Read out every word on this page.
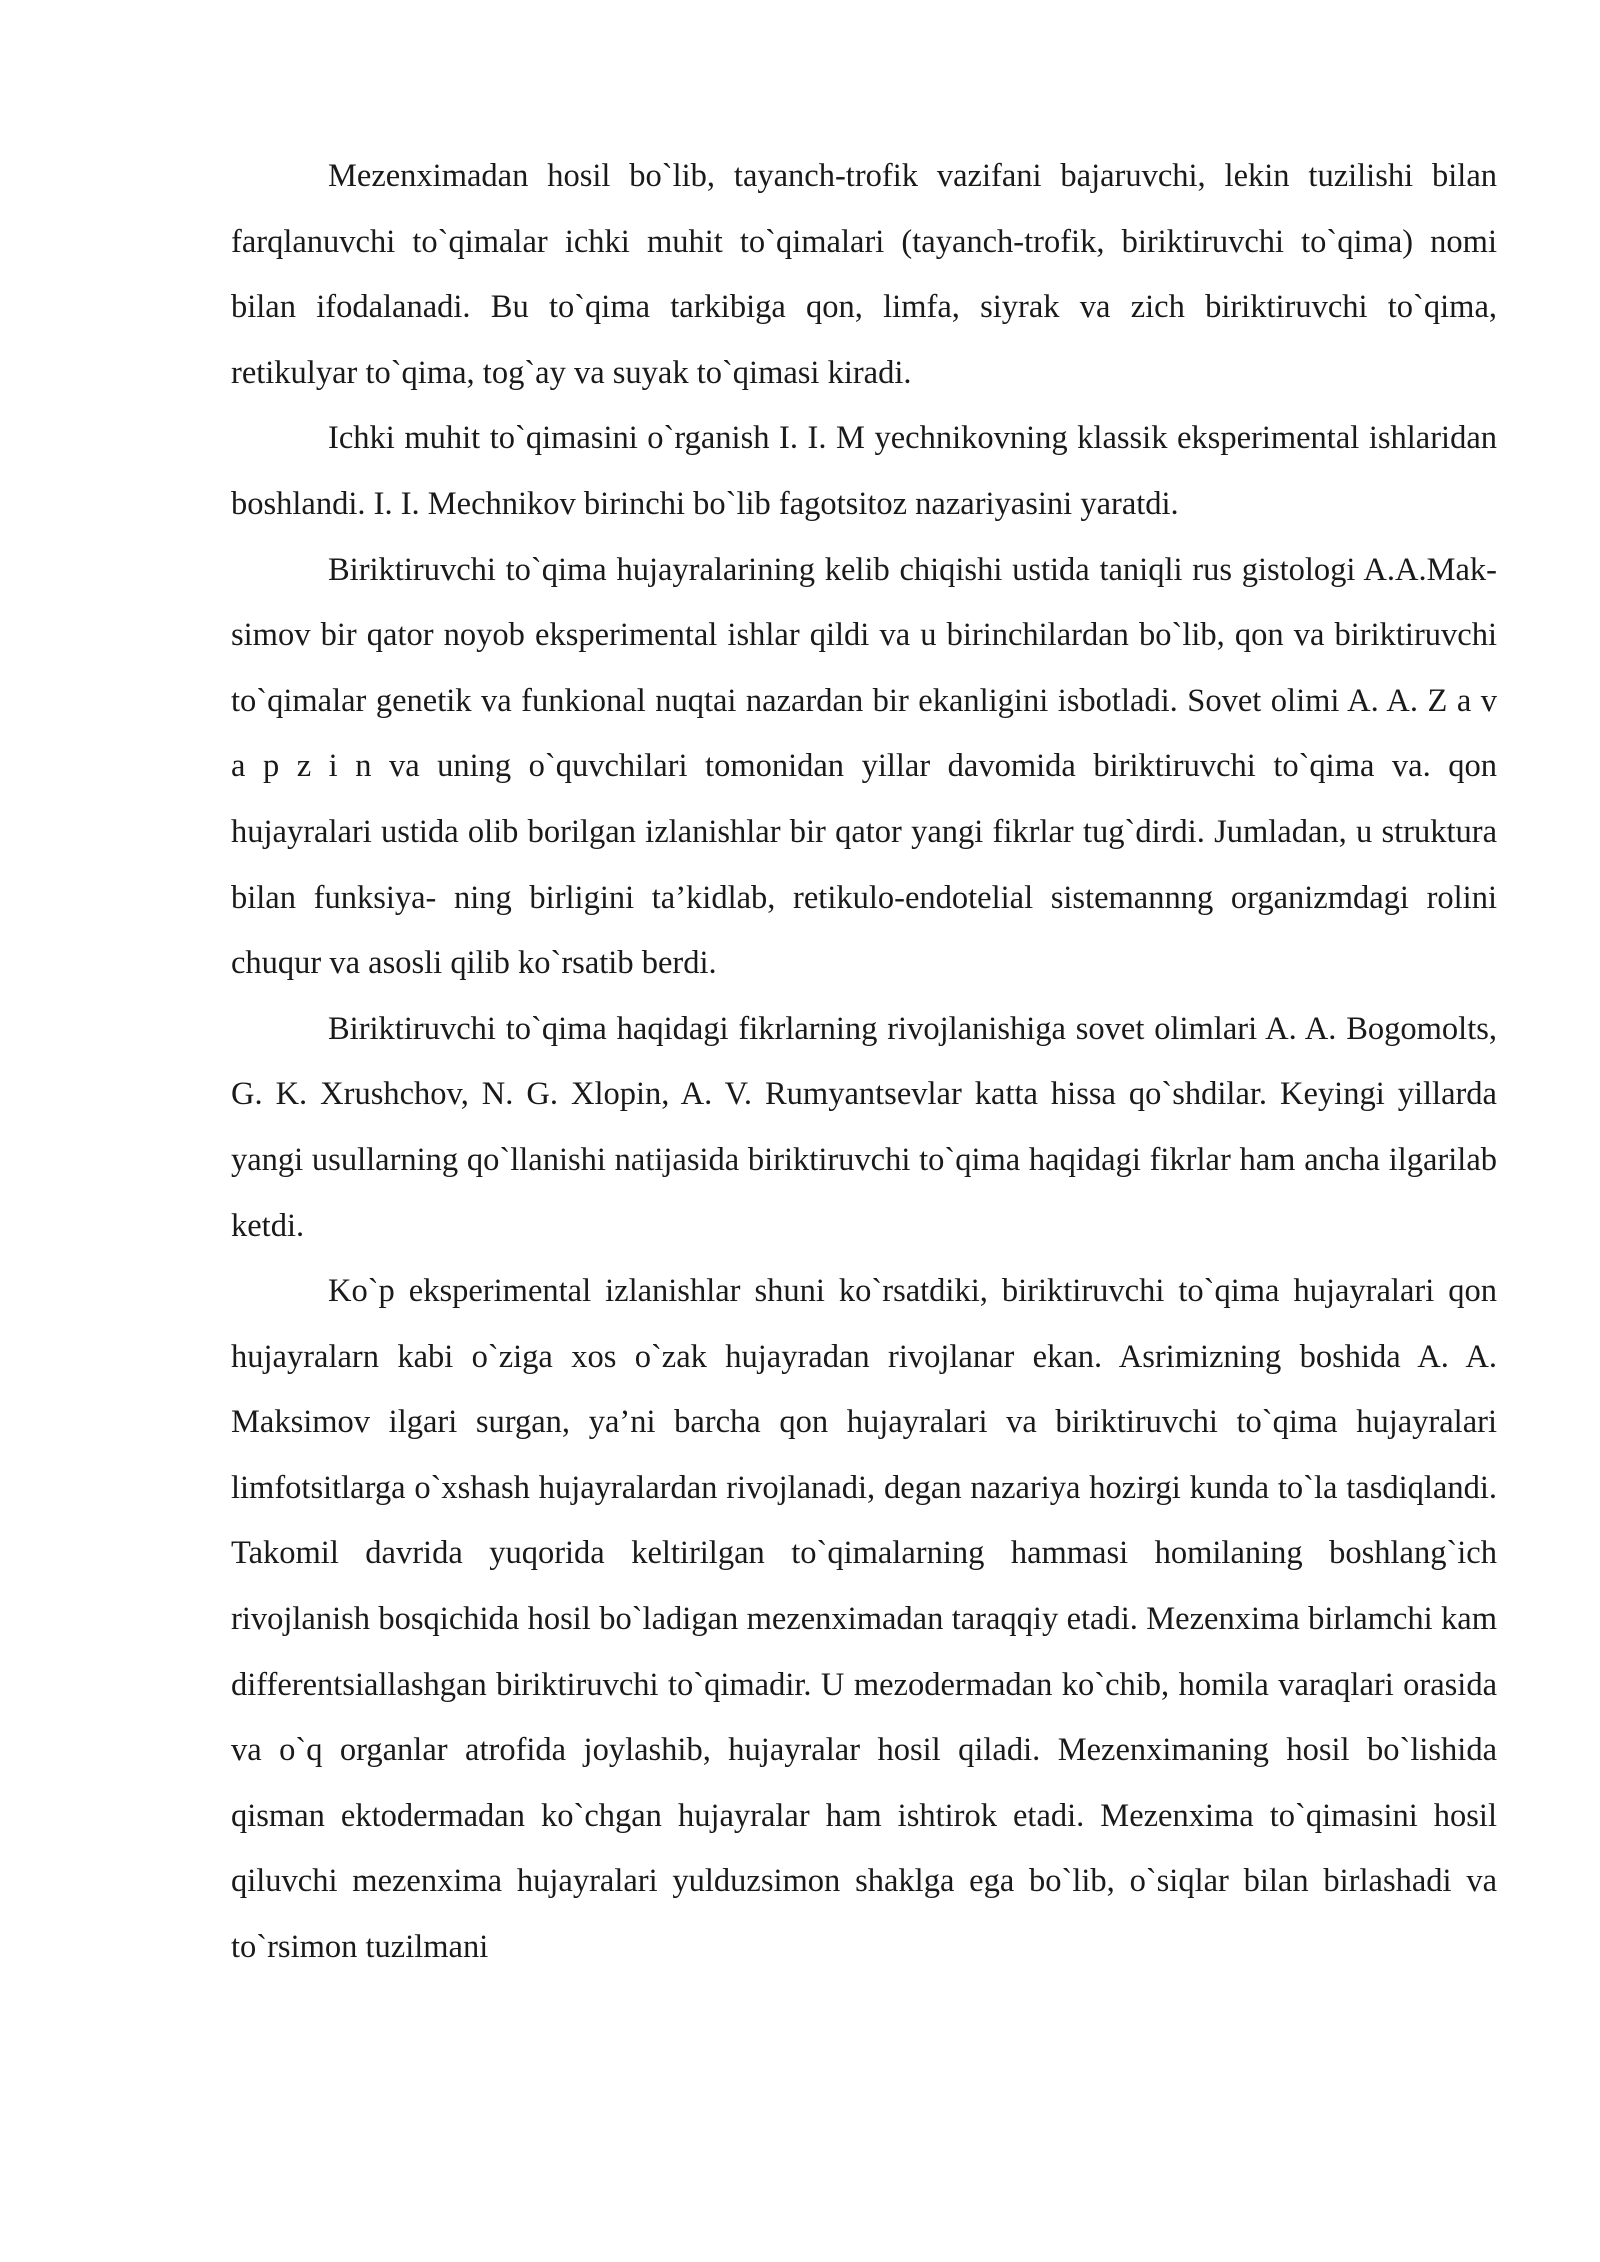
Mezenximadan hosil bo`lib, tayanch-trofik vazifani bajaruvchi, lekin tuzilishi bilan farqlanuvchi to`qimalar ichki muhit to`qimalari (tayanch-trofik, biriktiruvchi to`qima) nomi bilan ifodalanadi. Bu to`qima tarkibiga qon, limfa, siyrak va zich biriktiruvchi to`qima, retikulyar to`qima, tog`ay va suyak to`qimasi kiradi.

Ichki muhit to`qimasini o`rganish I. I. M yechnikovning klassik eksperimental ishlaridan boshlandi. I. I. Mechnikov birinchi bo`lib fagotsitoz nazariyasini yaratdi.

Biriktiruvchi to`qima hujayralarining kelib chiqishi ustida taniqli rus gistologi A.A.Mak- simov bir qator noyob eksperimental ishlar qildi va u birinchilardan bo`lib, qon va biriktiruvchi to`qimalar genetik va funkional nuqtai nazardan bir ekanligini isbotladi. Sovet olimi A. A. Z a v a p z i n va uning o`quvchilari tomonidan yillar davomida biriktiruvchi to`qima va. qon hujayralari ustida olib borilgan izlanishlar bir qator yangi fikrlar tug`dirdi. Jumladan, u struktura bilan funksiya- ning birligini ta’kidlab, retikulo-endotelial sistemannng organizmdagi rolini chuqur va asosli qilib ko`rsatib berdi.

Biriktiruvchi to`qima haqidagi fikrlarning rivojlanishiga sovet olimlari A. A. Bogomolts, G. K. Xrushchov, N. G. Xlopin, A. V. Rumyantsevlar katta hissa qo`shdilar. Keyingi yillarda yangi usullarning qo`llanishi natijasida biriktiruvchi to`qima haqidagi fikrlar ham ancha ilgarilab ketdi.

Ko`p eksperimental izlanishlar shuni ko`rsatdiki, biriktiruvchi to`qima hujayralari qon hujayralarn kabi o`ziga xos o`zak hujayradan rivojlanar ekan. Asrimizning boshida A. A. Maksimov ilgari surgan, ya’ni barcha qon hujayralari va biriktiruvchi to`qima hujayralari limfotsitlarga o`xshash hujayralardan rivojlanadi, degan nazariya hozirgi kunda to`la tasdiqlandi. Takomil davrida yuqorida keltirilgan to`qimalarning hammasi homilaning boshlang`ich rivojlanish bosqichida hosil bo`ladigan mezenximadan taraqqiy etadi. Mezenxima birlamchi kam differentsiallashgan biriktiruvchi to`qimadir. U mezodermadan ko`chib, homila varaqlari orasida va o`q organlar atrofida joylashib, hujayralar hosil qiladi. Mezenximaning hosil bo`lishida qisman ektodermadan ko`chgan hujayralar ham ishtirok etadi. Mezenxima to`qimasini hosil qiluvchi mezenxima hujayralari yulduzsimon shaklga ega bo`lib, o`siqlar bilan birlashadi va to`rsimon tuzilmani
